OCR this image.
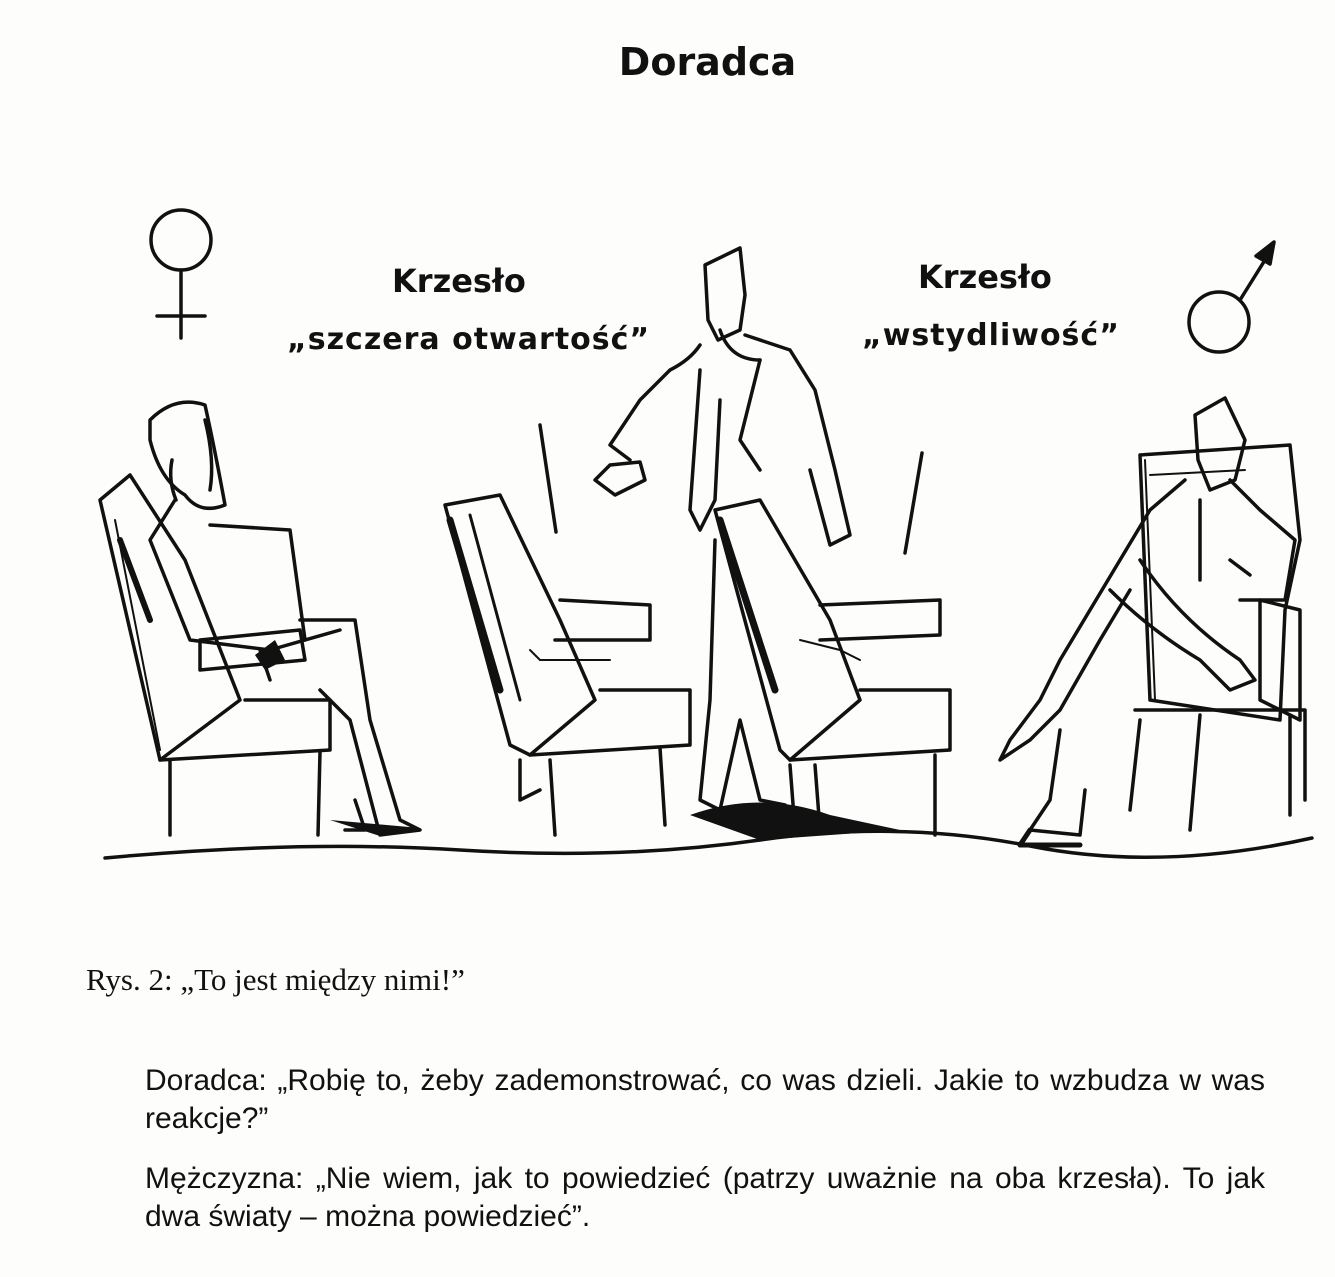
Doradca
Krzesło
„szczera otwartość”
Krzesło
„wstydliwość”
Rys. 2: „To jest między nimi!”
Doradca: „Robię to, żeby zademonstrować, co was dzieli. Jakie to wzbudza w was reakcje?”
Mężczyzna: „Nie wiem, jak to powiedzieć (patrzy uważnie na oba krzesła). To jak dwa światy – można powiedzieć”.
